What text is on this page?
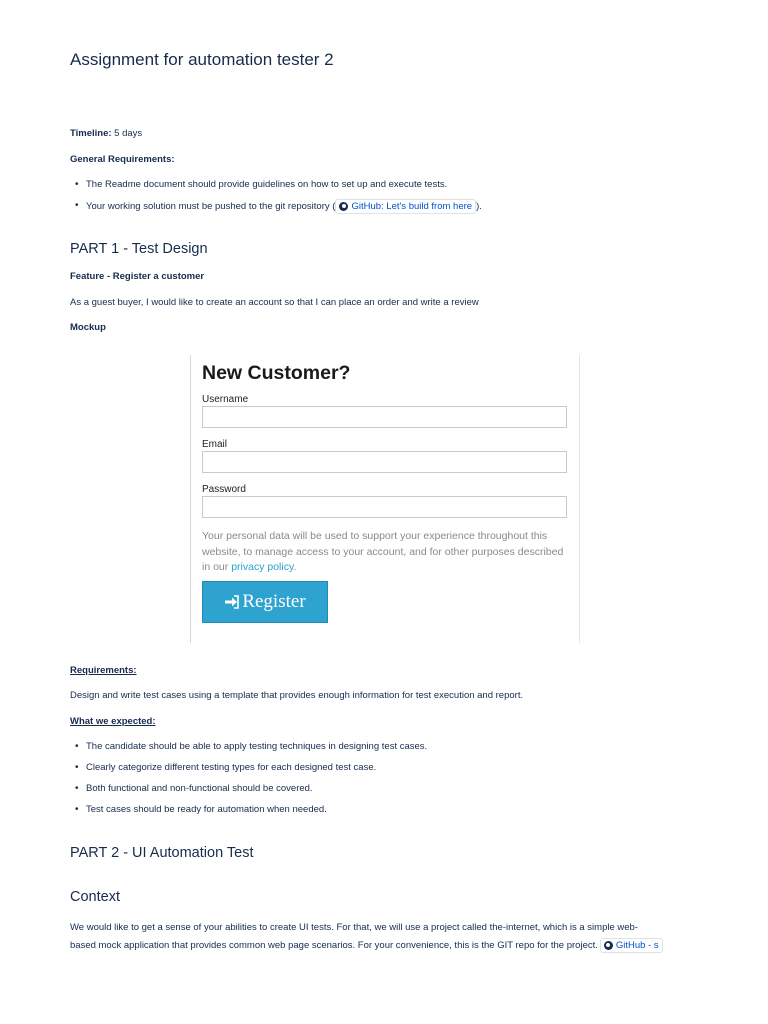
Assignment for automation tester 2

Timeline: 5 days

General Requirements:

• The Readme document should provide guidelines on how to set up and execute tests.
• Your working solution must be pushed to the git repository ( GitHub: Let's build from here ).
PART 1 - Test Design

Feature - Register a customer

As a guest buyer, I would like to create an account so that I can place an order and write a review

Mockup

Requirements:

Design and write test cases using a template that provides enough information for test execution and report.

What we expected:

• The candidate should be able to apply testing techniques in designing test cases.
• Clearly categorize different testing types for each designed test case.
• Both functional and non-functional should be covered.
• Test cases should be ready for automation when needed.
PART 2 - UI Automation Test
Context

We would like to get a sense of your abilities to create UI tests. For that, we will use a project called the-internet, which is a simple web-
based mock application that provides common web page scenarios. For your convenience, this is the GIT repo for the project. GitHub - s

New Customer?
Username
Email
Password
Your personal data will be used to support your experience throughout this website, to manage access to your account, and for other purposes described in our privacy policy.
Register
